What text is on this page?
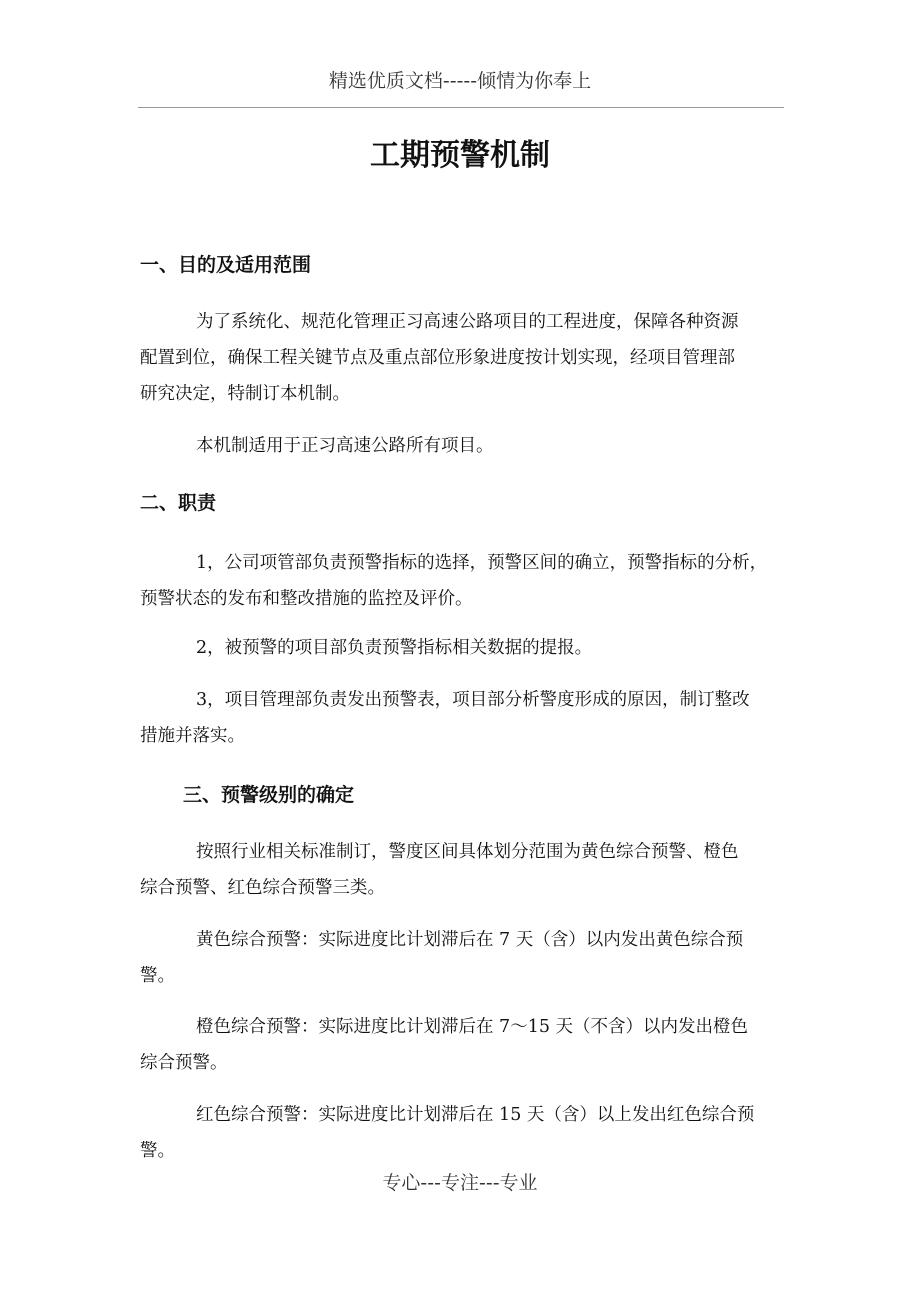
精选优质文档-----倾情为你奉上
工期预警机制
一、目的及适用范围
为了系统化、规范化管理正习高速公路项目的工程进度，保障各种资源
配置到位，确保工程关键节点及重点部位形象进度按计划实现，经项目管理部
研究决定，特制订本机制。
本机制适用于正习高速公路所有项目。
二、职责
1，公司项管部负责预警指标的选择，预警区间的确立，预警指标的分析，
预警状态的发布和整改措施的监控及评价。
2，被预警的项目部负责预警指标相关数据的提报。
3，项目管理部负责发出预警表，项目部分析警度形成的原因，制订整改
措施并落实。
三、预警级别的确定
按照行业相关标准制订，警度区间具体划分范围为黄色综合预警、橙色
综合预警、红色综合预警三类。
黄色综合预警：实际进度比计划滞后在 7 天（含）以内发出黄色综合预
警。
橙色综合预警：实际进度比计划滞后在 7～15 天（不含）以内发出橙色
综合预警。
红色综合预警：实际进度比计划滞后在 15 天（含）以上发出红色综合预
警。
专心---专注---专业
